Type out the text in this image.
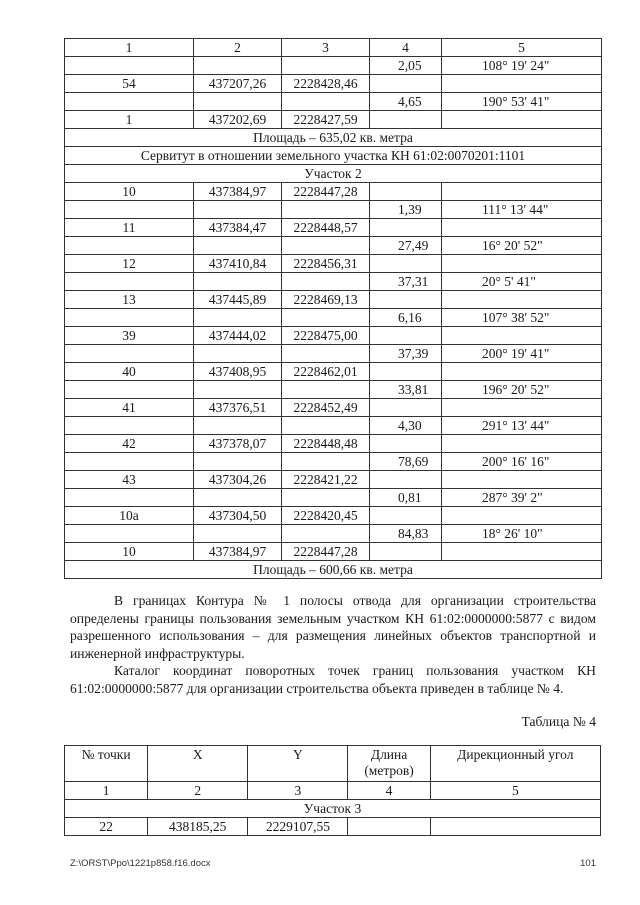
1	2	3	4	5
			2,05	108° 19' 24"
54	437207,26	2228428,46		
			4,65	190° 53' 41"
1	437202,69	2228427,59		
Площадь – 635,02 кв. метра				
Сервитут в отношении земельного участка КН 61:02:0070201:1101				
Участок 2				
10	437384,97	2228447,28		
			1,39	111° 13' 44"
11	437384,47	2228448,57		
			27,49	16° 20' 52"
12	437410,84	2228456,31		
			37,31	20° 5' 41"
13	437445,89	2228469,13		
			6,16	107° 38' 52"
39	437444,02	2228475,00		
			37,39	200° 19' 41"
40	437408,95	2228462,01		
			33,81	196° 20' 52"
41	437376,51	2228452,49		
			4,30	291° 13' 44"
42	437378,07	2228448,48		
			78,69	200° 16' 16"
43	437304,26	2228421,22		
			0,81	287° 39' 2"
10а	437304,50	2228420,45		
			84,83	18° 26' 10"
10	437384,97	2228447,28		
Площадь – 600,66 кв. метра				

В границах Контура № 1 полосы отвода для организации строительства определены границы пользования земельным участком КН 61:02:0000000:5877 с видом разрешенного использования – для размещения линейных объектов транспортной и инженерной инфраструктуры.

Каталог координат поворотных точек границ пользования участком КН 61:02:0000000:5877 для организации строительства объекта приведен в таблице № 4.

Таблица № 4

№ точки	X	Y	Длина (метров)	Дирекционный угол
1	2	3	4	5
Участок 3				
22	438185,25	2229107,55		
Z:\ORST\Ppo\1221p858.f16.docx	101
